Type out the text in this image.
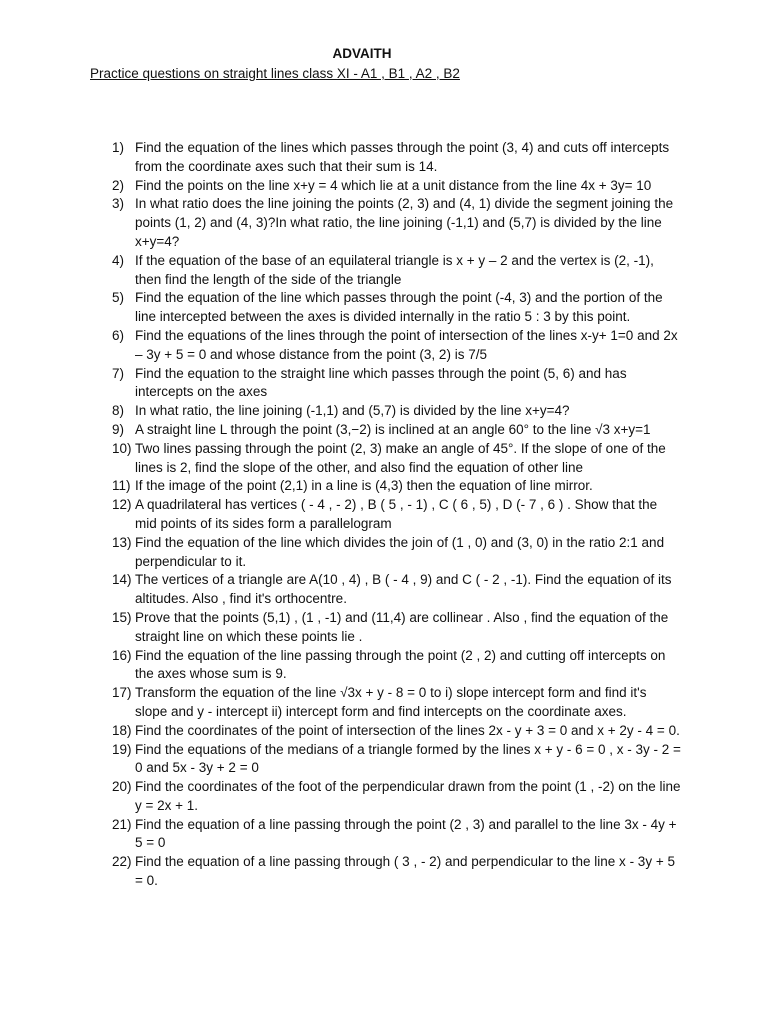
ADVAITH
Practice questions on straight lines class XI - A1 , B1 , A2 , B2
1) Find the equation of the lines which passes through the point (3, 4) and cuts off intercepts from the coordinate axes such that their sum is 14.
2) Find the points on the line x+y = 4 which lie at a unit distance from the line 4x + 3y= 10
3) In what ratio does the line joining the points (2, 3) and (4, 1) divide the segment joining the points (1, 2) and (4, 3)?In what ratio, the line joining (-1,1) and (5,7) is divided by the line x+y=4?
4) If the equation of the base of an equilateral triangle is x + y – 2 and the vertex is (2, -1), then find the length of the side of the triangle
5) Find the equation of the line which passes through the point (-4, 3) and the portion of the line intercepted between the axes is divided internally in the ratio 5 : 3 by this point.
6) Find the equations of the lines through the point of intersection of the lines x-y+ 1=0 and 2x – 3y + 5 = 0 and whose distance from the point (3, 2) is 7/5
7) Find the equation to the straight line which passes through the point (5, 6) and has intercepts on the axes
8) In what ratio, the line joining (-1,1) and (5,7) is divided by the line x+y=4?
9) A straight line L through the point (3,−2) is inclined at an angle 60° to the line √3 x+y=1
10) Two lines passing through the point (2, 3) make an angle of 45°. If the slope of one of the lines is 2, find the slope of the other, and also find the equation of other line
11) If the image of the point (2,1) in a line is (4,3) then the equation of line mirror.
12) A quadrilateral has vertices ( - 4 , - 2) , B ( 5 , - 1) , C ( 6 , 5) , D (- 7 , 6 ) . Show that the mid points of its sides form a parallelogram
13) Find the equation of the line which divides the join of (1 , 0) and (3, 0) in the ratio 2:1 and perpendicular to it.
14) The vertices of a triangle are A(10 , 4) , B ( - 4 , 9) and C ( - 2 , -1). Find the equation of its altitudes. Also , find it's orthocentre.
15) Prove that the points (5,1) , (1 , -1) and (11,4) are collinear . Also , find the equation of the straight line on which these points lie .
16) Find the equation of the line passing through the point (2 , 2) and cutting off intercepts on the axes whose sum is 9.
17) Transform the equation of the line √3x + y - 8 = 0 to i) slope intercept form and find it's slope and y - intercept ii) intercept form and find intercepts on the coordinate axes.
18) Find the coordinates of the point of intersection of the lines 2x - y + 3 = 0 and x + 2y - 4 = 0.
19) Find the equations of the medians of a triangle formed by the lines x + y - 6 = 0 , x - 3y - 2 = 0 and 5x - 3y + 2 = 0
20) Find the coordinates of the foot of the perpendicular drawn from the point (1 , -2) on the line y = 2x + 1.
21) Find the equation of a line passing through the point (2 , 3) and parallel to the line 3x - 4y + 5 = 0
22) Find the equation of a line passing through ( 3 , - 2) and perpendicular to the line x - 3y + 5 = 0.
